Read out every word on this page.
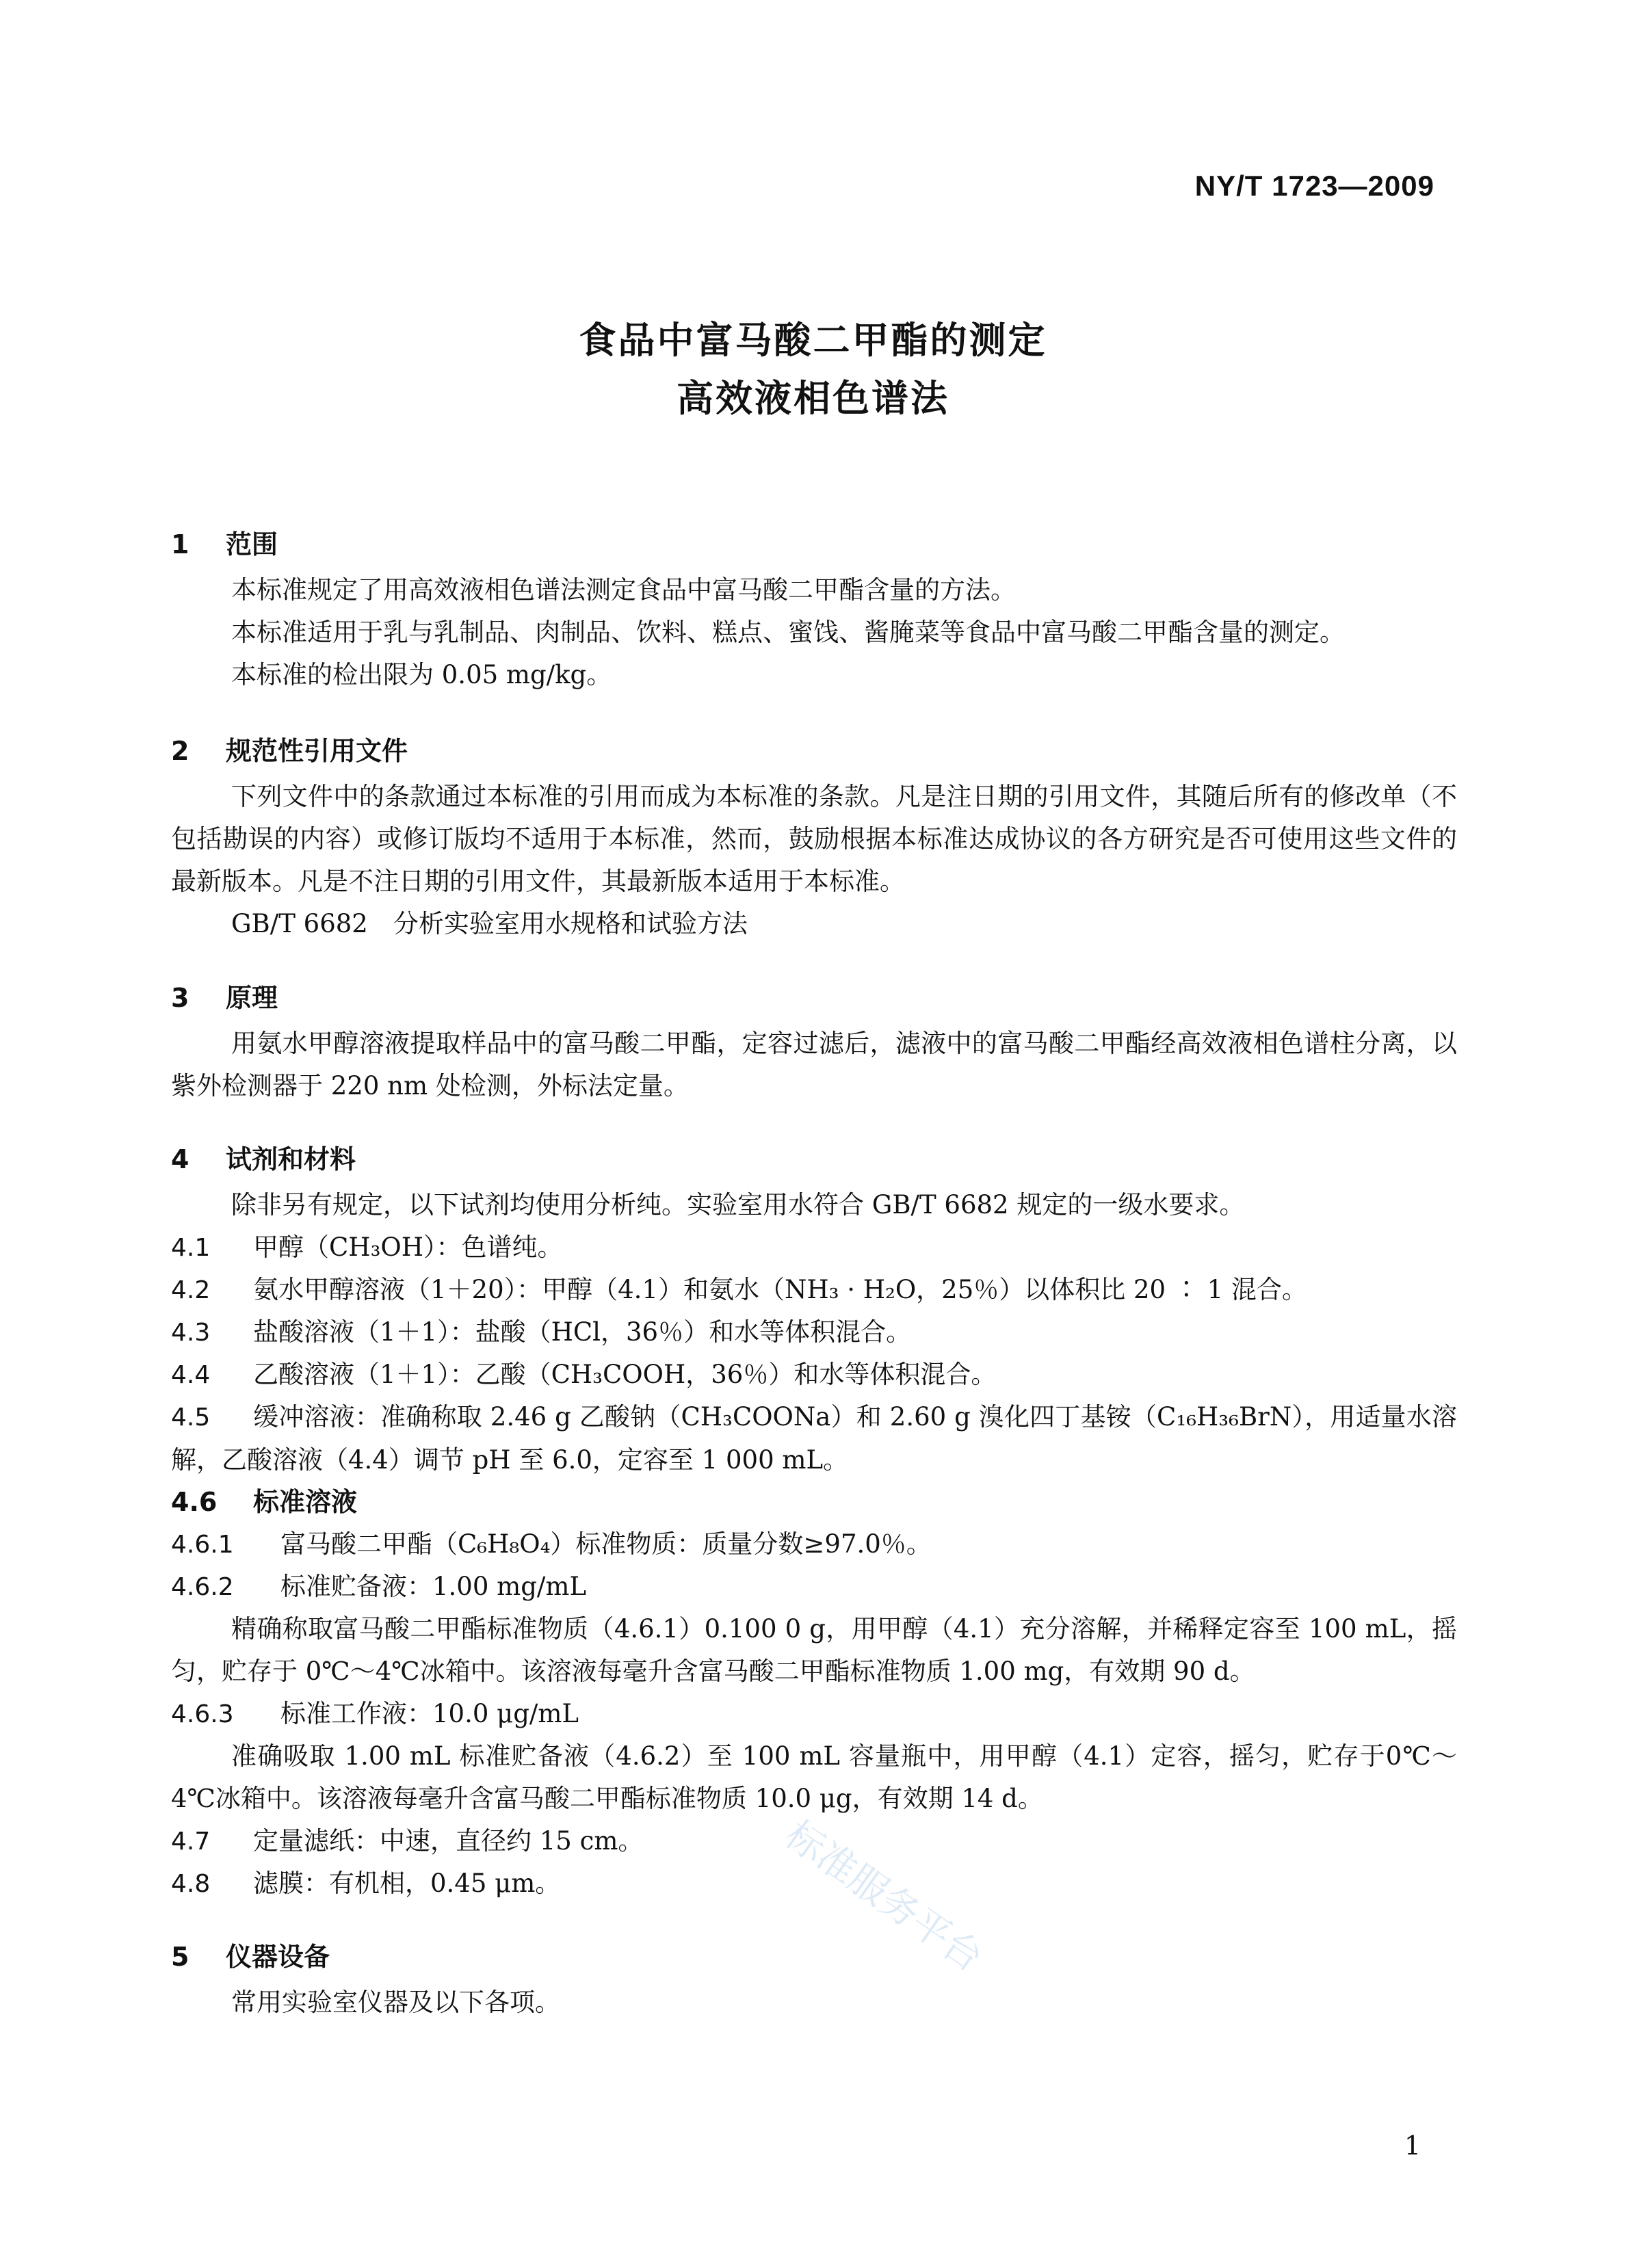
NY/T 1723—2009
食品中富马酸二甲酯的测定
高效液相色谱法
1 范围
本标准规定了用高效液相色谱法测定食品中富马酸二甲酯含量的方法。
本标准适用于乳与乳制品、肉制品、饮料、糕点、蜜饯、酱腌菜等食品中富马酸二甲酯含量的测定。
本标准的检出限为 0.05 mg/kg。
2 规范性引用文件
下列文件中的条款通过本标准的引用而成为本标准的条款。凡是注日期的引用文件，其随后所有的修改单（不包括勘误的内容）或修订版均不适用于本标准，然而，鼓励根据本标准达成协议的各方研究是否可使用这些文件的最新版本。凡是不注日期的引用文件，其最新版本适用于本标准。
GB/T 6682　分析实验室用水规格和试验方法
3 原理
用氨水甲醇溶液提取样品中的富马酸二甲酯，定容过滤后，滤液中的富马酸二甲酯经高效液相色谱柱分离，以紫外检测器于 220 nm 处检测，外标法定量。
4 试剂和材料
除非另有规定，以下试剂均使用分析纯。实验室用水符合 GB/T 6682 规定的一级水要求。
4.1 甲醇（CH₃OH）：色谱纯。
4.2 氨水甲醇溶液（1＋20）：甲醇（4.1）和氨水（NH₃ · H₂O，25％）以体积比 20 ∶ 1 混合。
4.3 盐酸溶液（1＋1）：盐酸（HCl，36％）和水等体积混合。
4.4 乙酸溶液（1＋1）：乙酸（CH₃COOH，36％）和水等体积混合。
4.5 缓冲溶液：准确称取 2.46 g 乙酸钠（CH₃COONa）和 2.60 g 溴化四丁基铵（C₁₆H₃₆BrN），用适量水溶解，乙酸溶液（4.4）调节 pH 至 6.0，定容至 1 000 mL。
4.6 标准溶液
4.6.1 富马酸二甲酯（C₆H₈O₄）标准物质：质量分数≥97.0％。
4.6.2 标准贮备液：1.00 mg/mL
精确称取富马酸二甲酯标准物质（4.6.1）0.100 0 g，用甲醇（4.1）充分溶解，并稀释定容至 100 mL，摇匀，贮存于 0℃～4℃冰箱中。该溶液每毫升含富马酸二甲酯标准物质 1.00 mg，有效期 90 d。
4.6.3 标准工作液：10.0 μg/mL
准确吸取 1.00 mL 标准贮备液（4.6.2）至 100 mL 容量瓶中，用甲醇（4.1）定容，摇匀，贮存于0℃～4℃冰箱中。该溶液每毫升含富马酸二甲酯标准物质 10.0 μg，有效期 14 d。
4.7 定量滤纸：中速，直径约 15 cm。
4.8 滤膜：有机相，0.45 μm。
5 仪器设备
常用实验室仪器及以下各项。
标准服务平台
1
